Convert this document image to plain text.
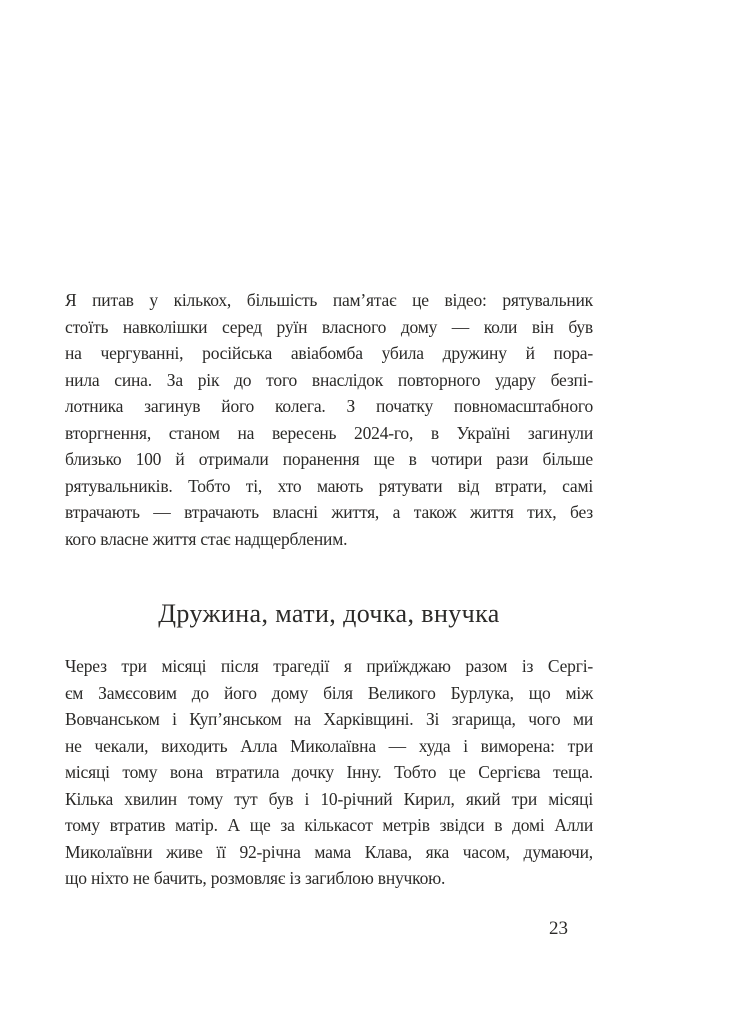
Я питав у кількох, більшість пам’ятає це відео: рятувальник
стоїть навколішки серед руїн власного дому — коли він був
на чергуванні, російська авіабомба убила дружину й пора-
нила сина. За рік до того внаслідок повторного удару безпі-
лотника загинув його колега. З початку повномасштабного
вторгнення, станом на вересень 2024-го, в Україні загинули
близько 100 й отримали поранення ще в чотири рази більше
рятувальників. Тобто ті, хто мають рятувати від втрати, самі
втрачають — втрачають власні життя, а також життя тих, без
кого власне життя стає надщербленим.
Дружина, мати, дочка, внучка
Через три місяці після трагедії я приїжджаю разом із Сергі-
єм Замєсовим до його дому біля Великого Бурлука, що між
Вовчанськом і Куп’янськом на Харківщині. Зі згарища, чого ми
не чекали, виходить Алла Миколаївна — худа і виморена: три
місяці тому вона втратила дочку Інну. Тобто це Сергієва теща.
Кілька хвилин тому тут був і 10-річний Кирил, який три місяці
тому втратив матір. А ще за кількасот метрів звідси в домі Алли
Миколаївни живе її 92-річна мама Клава, яка часом, думаючи,
що ніхто не бачить, розмовляє із загиблою внучкою.
23
